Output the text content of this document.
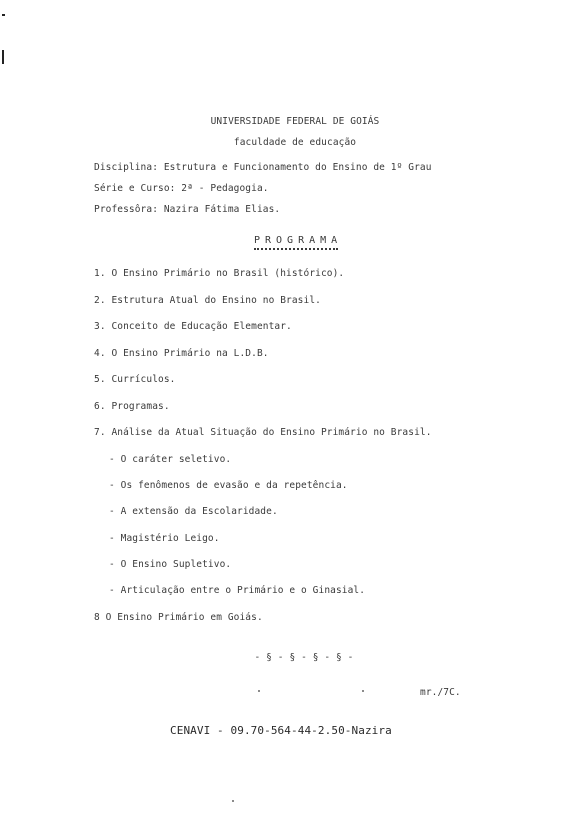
UNIVERSIDADE FEDERAL DE GOIÁS
faculdade de educação
Disciplina: Estrutura e Funcionamento do Ensino de 1º Grau
Série e Curso: 2ª - Pedagogia.
Professôra: Nazira Fátima Elias.
PROGRAMA
1. O Ensino Primário no Brasil (histórico).
2. Estrutura Atual do Ensino no Brasil.
3. Conceito de Educação Elementar.
4. O Ensino Primário na L.D.B.
5. Currículos.
6. Programas.
7. Análise da Atual Situação do Ensino Primário no Brasil.
- O caráter seletivo.
- Os fenômenos de evasão e da repetência.
- A extensão da Escolaridade.
- Magistério Leigo.
- O Ensino Supletivo.
- Articulação entre o Primário e o Ginasial.
8 O Ensino Primário em Goiás.
- § - § - § - § -
mr./7C.
CENAVI - 09.70-564-44-2.50-Nazira
